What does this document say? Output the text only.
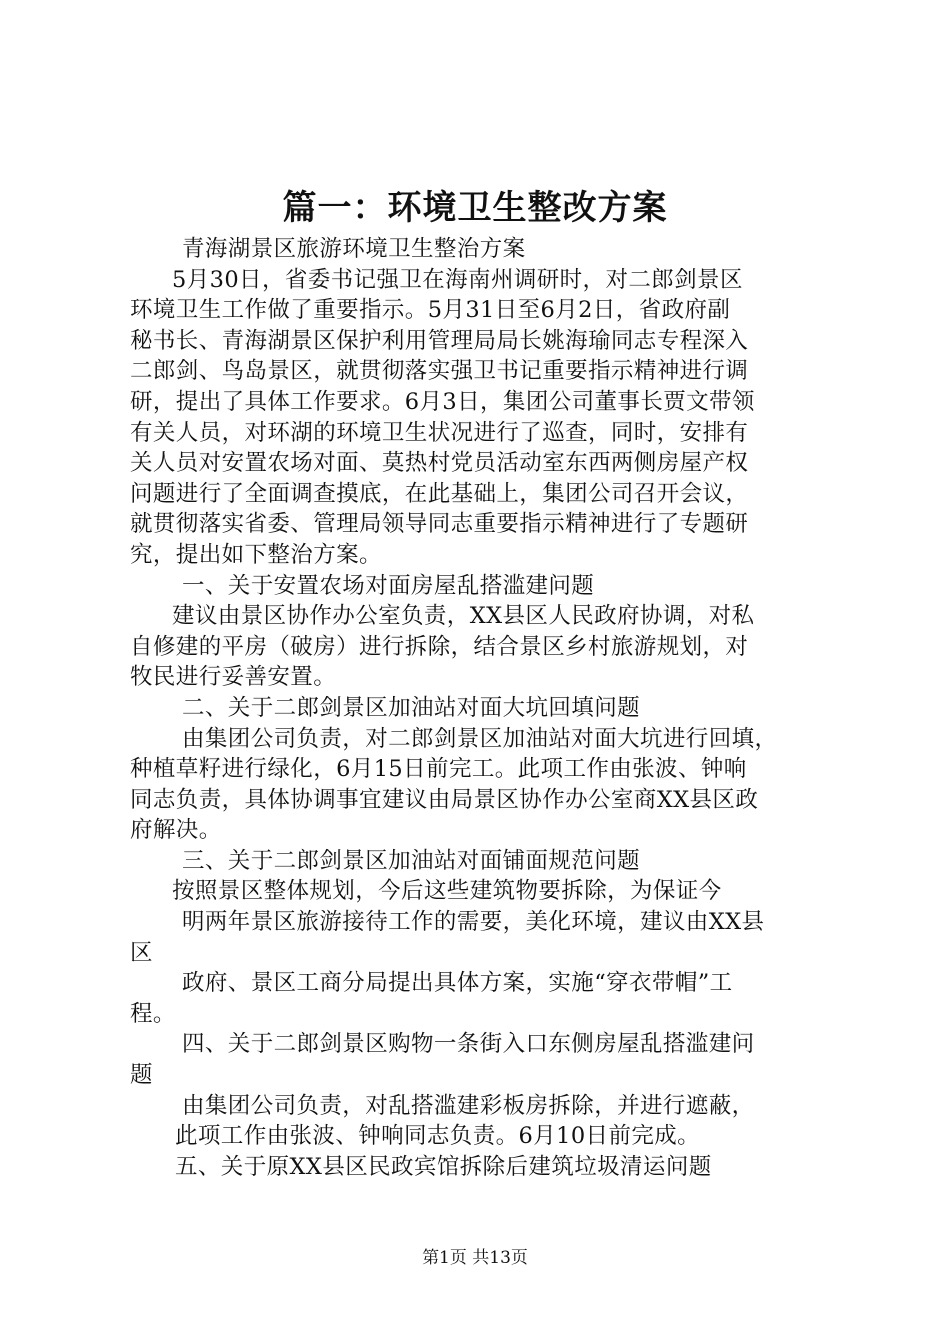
篇一：环境卫生整改方案
青海湖景区旅游环境卫生整治方案
5月30日，省委书记强卫在海南州调研时，对二郎剑景区
环境卫生工作做了重要指示。5月31日至6月2日，省政府副
秘书长、青海湖景区保护利用管理局局长姚海瑜同志专程深入
二郎剑、鸟岛景区，就贯彻落实强卫书记重要指示精神进行调
研，提出了具体工作要求。6月3日，集团公司董事长贾文带领
有关人员，对环湖的环境卫生状况进行了巡查，同时，安排有
关人员对安置农场对面、莫热村党员活动室东西两侧房屋产权
问题进行了全面调查摸底，在此基础上，集团公司召开会议，
就贯彻落实省委、管理局领导同志重要指示精神进行了专题研
究，提出如下整治方案。
一、关于安置农场对面房屋乱搭滥建问题
建议由景区协作办公室负责，XX县区人民政府协调，对私
自修建的平房（破房）进行拆除，结合景区乡村旅游规划，对
牧民进行妥善安置。
二、关于二郎剑景区加油站对面大坑回填问题
由集团公司负责，对二郎剑景区加油站对面大坑进行回填，
种植草籽进行绿化，6月15日前完工。此项工作由张波、钟响
同志负责，具体协调事宜建议由局景区协作办公室商XX县区政
府解决。
三、关于二郎剑景区加油站对面铺面规范问题
按照景区整体规划，今后这些建筑物要拆除，为保证今
明两年景区旅游接待工作的需要，美化环境，建议由XX县
区
政府、景区工商分局提出具体方案，实施“穿衣带帽”工
程。
四、关于二郎剑景区购物一条街入口东侧房屋乱搭滥建问
题
由集团公司负责，对乱搭滥建彩板房拆除，并进行遮蔽，
此项工作由张波、钟响同志负责。6月10日前完成。
五、关于原XX县区民政宾馆拆除后建筑垃圾清运问题
第1页 共13页
